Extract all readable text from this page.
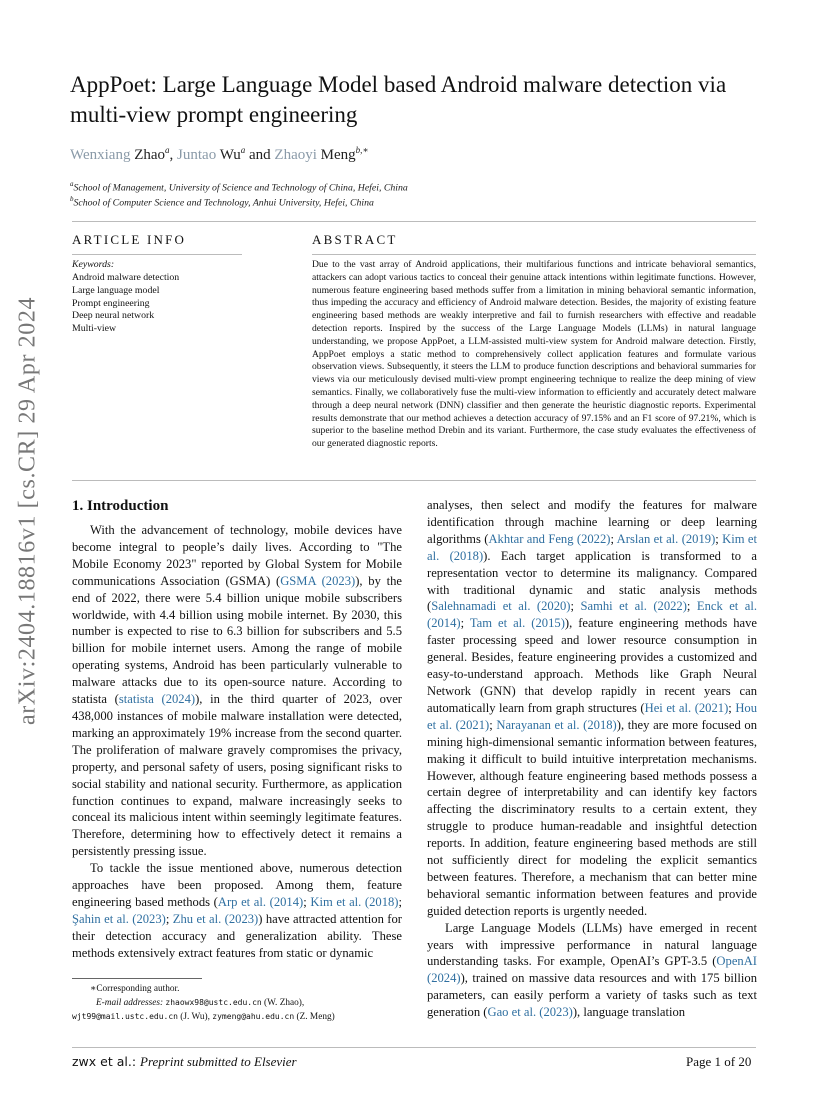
arXiv:2404.18816v1 [cs.CR] 29 Apr 2024
AppPoet: Large Language Model based Android malware detection via multi-view prompt engineering
Wenxiang Zhao$^a$, Juntao Wu$^a$ and Zhaoyi Meng$^{b,∗}$
$^a$School of Management, University of Science and Technology of China, Hefei, China
$^b$School of Computer Science and Technology, Anhui University, Hefei, China
ARTICLE INFO	ABSTRACT
Keywords:
Android malware detection
Large language model
Prompt engineering
Deep neural network
Multi-view
Due to the vast array of Android applications, their multifarious functions and intricate behavioral semantics, attackers can adopt various tactics to conceal their genuine attack intentions within legitimate functions. However, numerous feature engineering based methods suffer from a limitation in mining behavioral semantic information, thus impeding the accuracy and efficiency of Android malware detection. Besides, the majority of existing feature engineering based methods are weakly interpretive and fail to furnish researchers with effective and readable detection reports. Inspired by the success of the Large Language Models (LLMs) in natural language understanding, we propose AppPoet, a LLM-assisted multi-view system for Android malware detection. Firstly, AppPoet employs a static method to comprehensively collect application features and formulate various observation views. Subsequently, it steers the LLM to produce function descriptions and behavioral summaries for views via our meticulously devised multi-view prompt engineering technique to realize the deep mining of view semantics. Finally, we collaboratively fuse the multi-view information to efficiently and accurately detect malware through a deep neural network (DNN) classifier and then generate the heuristic diagnostic reports. Experimental results demonstrate that our method achieves a detection accuracy of 97.15% and an F1 score of 97.21%, which is superior to the baseline method Drebin and its variant. Furthermore, the case study evaluates the effectiveness of our generated diagnostic reports.
1. Introduction

With the advancement of technology, mobile devices have become integral to people’s daily lives. According to "The Mobile Economy 2023" reported by Global System for Mobile communications Association (GSMA) (GSMA (2023)), by the end of 2022, there were 5.4 billion unique mobile subscribers worldwide, with 4.4 billion using mobile internet. By 2030, this number is expected to rise to 6.3 billion for subscribers and 5.5 billion for mobile internet users. Among the range of mobile operating systems, Android has been particularly vulnerable to malware attacks due to its open-source nature. According to statista (statista (2024)), in the third quarter of 2023, over 438,000 instances of mobile malware installation were detected, marking an approximately 19% increase from the second quarter. The proliferation of malware gravely compromises the privacy, property, and personal safety of users, posing significant risks to social stability and national security. Furthermore, as application function continues to expand, malware increasingly seeks to conceal its malicious intent within seemingly legitimate features. Therefore, determining how to effectively detect it remains a persistently pressing issue.

To tackle the issue mentioned above, numerous detection approaches have been proposed. Among them, feature engineering based methods (Arp et al. (2014); Kim et al. (2018); Şahin et al. (2023); Zhu et al. (2023)) have attracted attention for their detection accuracy and generalization ability. These methods extensively extract features from static or dynamic

analyses, then select and modify the features for malware identification through machine learning or deep learning algorithms (Akhtar and Feng (2022); Arslan et al. (2019); Kim et al. (2018)). Each target application is transformed to a representation vector to determine its malignancy. Compared with traditional dynamic and static analysis methods (Salehnamadi et al. (2020); Samhi et al. (2022); Enck et al. (2014); Tam et al. (2015)), feature engineering methods have faster processing speed and lower resource consumption in general. Besides, feature engineering provides a customized and easy-to-understand approach. Methods like Graph Neural Network (GNN) that develop rapidly in recent years can automatically learn from graph structures (Hei et al. (2021); Hou et al. (2021); Narayanan et al. (2018)), they are more focused on mining high-dimensional semantic information between features, making it difficult to build intuitive interpretation mechanisms. However, although feature engineering based methods possess a certain degree of interpretability and can identify key factors affecting the discriminatory results to a certain extent, they struggle to produce human-readable and insightful detection reports. In addition, feature engineering based methods are still not sufficiently direct for modeling the explicit semantics between features. Therefore, a mechanism that can better mine behavioral semantic information between features and provide guided detection reports is urgently needed.

Large Language Models (LLMs) have emerged in recent years with impressive performance in natural language understanding tasks. For example, OpenAI’s GPT-3.5 (OpenAI (2024)), trained on massive data resources and with 175 billion parameters, can easily perform a variety of tasks such as text generation (Gao et al. (2023)), language translation

∗Corresponding author.
E-mail addresses: zhaowx98@ustc.edu.cn (W. Zhao),
wjt99@mail.ustc.edu.cn (J. Wu), zymeng@ahu.edu.cn (Z. Meng)
zwx et al.: Preprint submitted to Elsevier	Page 1 of 20
